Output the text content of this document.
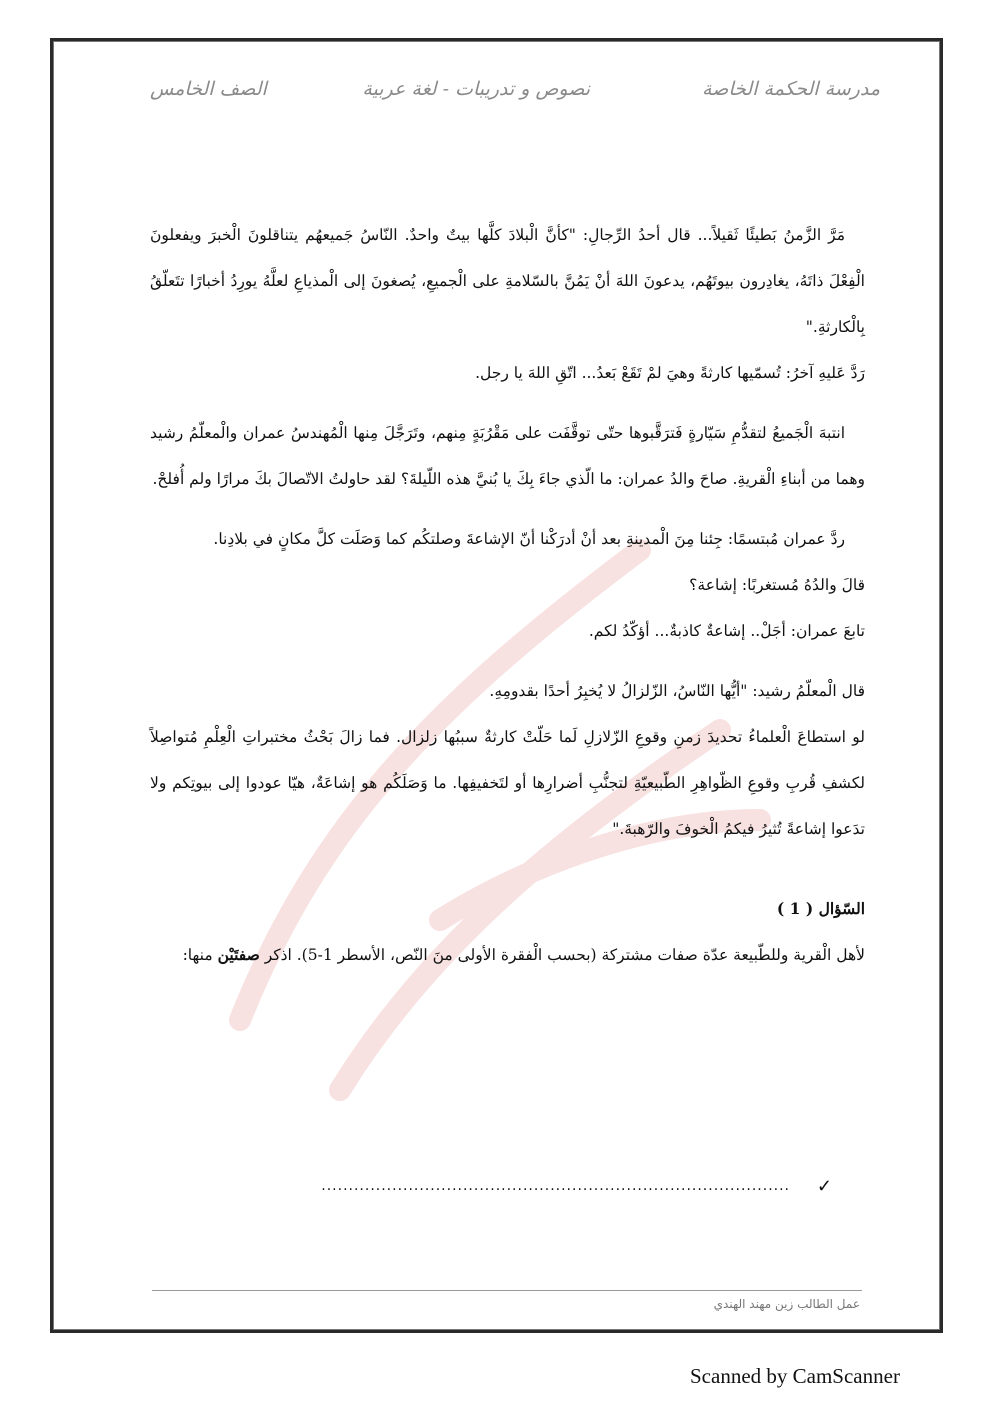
مدرسة الحكمة الخاصة
نصوص و تدريبات - لغة عربية
الصف الخامس

مَرَّ الزَّمنُ بَطيئًا ثَقيلاً... قال أحدُ الرِّجالِ: "كأنَّ الْبلادَ كلَّها بيتٌ واحدٌ. النّاسُ جَميعهُم يتناقلونَ الْخبرَ ويفعلونَ الْفِعْلَ ذاتَهُ، يغادِرون بيوتَهُم، يدعونَ اللهَ أنْ يَمُنَّ بالسّلامةِ على الْجميعِ، يُصغونَ إلى الْمذياعِ لعلَّهُ يورِدُ أخبارًا تتَعلّقُ بِالْكارثةِ."

رَدَّ عَليهِ آخرُ: تُسمّيها كارثةً وهيَ لمْ تَقَعْ بَعدُ... اتّقِ اللهَ يا رجل.

انتبهَ الْجَميعُ لتقدُّمِ سَيّارةٍ فَترَقَّبوها حتّى توقَّفَت على مَقْرُبَةٍ مِنهم، وتَرَجَّلَ مِنها الْمُهندسُ عمران والْمعلّمُ رشيد وهما من أبناءِ الْقريةِ. صاحَ والدُ عمران: ما الّذي جاءَ بِكَ يا بُنيَّ هذه اللّيلةَ؟ لقد حاولتُ الاتّصالَ بكَ مرارًا ولم أُفلحْ.

ردَّ عمران مُبتسمًا: جِئنا مِنَ الْمدينةِ بعد أنْ أدرَكْنا أنّ الإشاعةَ وصلتكُم كما وَصَلَت كلَّ مكانٍ في بلادِنا.

قالَ والدُهُ مُستغربًا: إشاعة؟

تابعَ عمران: أجَلْ.. إشاعةٌ كاذبةٌ... أؤكّدُ لكم.

قال الْمعلّمُ رشيد: "أيُّها النّاسُ، الزّلزالُ لا يُخبِرُ أحدًا بقدومِهِ.

لو استطاعَ الْعلماءُ تحديدَ زمنِ وقوعِ الزّلازلِ لَما حَلّتْ كارثةٌ سببُها زلزال. فما زالَ بَحْثُ مختبراتِ الْعِلْمِ مُتواصِلاً لكشفِ قُربِ وقوعِ الظّواهِرِ الطّبيعيّةِ لتجنُّبِ أضرارِها أو لتَخفيفِها. ما وَصَلَكُم هو إشاعَةٌ، هيّا عودوا إلى بيوتِكم ولا تدَعوا إشاعةً تُثيرُ فيكمُ الْخوفَ والرّهبةَ."

السّؤال ( 1 )

لأهل الْقرية وللطّبيعة عدّة صفات مشتركة (بحسب الْفقرة الأولى منَ النّص، الأسطر 1-5). اذكر صفتَيْن منها:

✓
......................................................................................
عمل الطالب زين مهند الهندي
Scanned by CamScanner
